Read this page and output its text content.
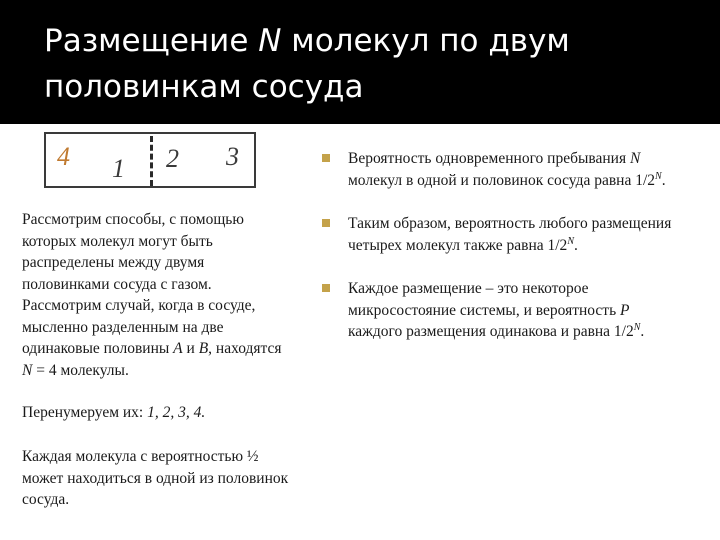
Размещение N молекул по двум половинкам сосуда
4 1 2 3
Рассмотрим способы, с помощью которых молекул могут быть распределены между двумя половинками сосуда с газом. Рассмотрим случай, когда в сосуде, мысленно разделенным на две одинаковые половины A и B, находятся N = 4 молекулы.
Перенумеруем их: 1, 2, 3, 4.
Каждая молекула с вероятностью ½ может находиться в одной из половинок сосуда.
Вероятность одновременного пребывания N молекул в одной и половинок сосуда равна $1/2^N$.
Таким образом, вероятность любого размещения четырех молекул также равна $1/2^N$.
Каждое размещение – это некоторое микросостояние системы, и вероятность P каждого размещения одинакова и равна $1/2^N$.
